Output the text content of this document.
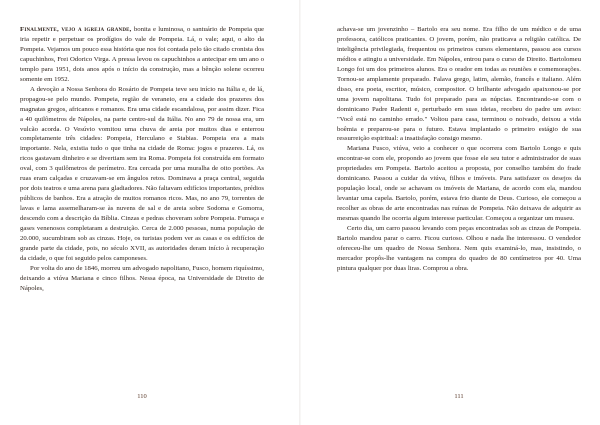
Finalmente, vejo a igreja grande, bonita e luminosa, o santuário de Pompeia que iria repetir e perpetuar os prodígios do vale de Pompeia. Lá, o vale; aqui, o alto da Pompeia. Vejamos um pouco essa história que nos foi contada pelo tão citado cronista dos capuchinhos, Frei Odorico Virga. A pressa levou os capuchinhos a antecipar em um ano o templo para 1951, dois anos após o início da construção, mas a bênção solene ocorreu somente em 1952.

A devoção a Nossa Senhora do Rosário de Pompeia teve seu início na Itália e, de lá, propagou-se pelo mundo. Pompeia, região de veraneio, era a cidade dos prazeres dos magnatas gregos, africanos e romanos. Era uma cidade escandalosa, por assim dizer. Fica a 40 quilômetros de Nápoles, na parte centro-sul da Itália. No ano 79 de nossa era, um vulcão acorda. O Vesúvio vomitou uma chuva de areia por muitos dias e enterrou completamente três cidades: Pompeia, Herculano e Stabias. Pompeia era a mais importante. Nela, existia tudo o que tinha na cidade de Roma: jogos e prazeres. Lá, os ricos gastavam dinheiro e se divertiam sem ira Roma. Pompeia foi construída em formato oval, com 3 quilômetros de perímetro. Era cercada por uma muralha de oito portões. As ruas eram calçadas e cruzavam-se em ângulos retos. Dominava a praça central, seguida por dois teatros e uma arena para gladiadores. Não faltavam edifícios importantes, prédios públicos de banhos. Era a atração de muitos romanos ricos. Mas, no ano 79, torrentes de lavas e lama assemelharam-se às nuvens de sal e de areia sobre Sodoma e Gomorra, descendo com a descrição da Bíblia. Cinzas e pedras choveram sobre Pompeia. Fumaça e gases venenosos completaram a destruição. Cerca de 2.000 pessoas, numa população de 20.000, sucumbiram sob as cinzas. Hoje, os turistas podem ver as casas e os edifícios de grande parte da cidade, pois, no século XVII, as autoridades deram início à recuperação da cidade, o que foi seguido pelos camponeses.

Por volta do ano de 1846, morreu um advogado napolitano, Fusco, homem riquíssimo, deixando a viúva Mariana e cinco filhos. Nessa época, na Universidade de Direito de Nápoles,

110

achava-se um jovenzinho – Bartolo era seu nome. Era filho de um médico e de uma professora, católicos praticantes. O jovem, porém, não praticava a religião católica. De inteligência privilegiada, frequentou os primeiros cursos elementares, passou aos cursos médios e atingiu a universidade. Em Nápoles, entrou para o curso de Direito. Bartolomeu Longo foi um dos primeiros alunos. Era o orador em todas as reuniões e comemorações. Tornou-se amplamente preparado. Falava grego, latim, alemão, francês e italiano. Além disso, era poeta, escritor, músico, compositor. O brilhante advogado apaixonou-se por uma jovem napolitana. Tudo foi preparado para as núpcias. Encontrando-se com o dominicano Padre Radenti e, perturbado em suas ideias, recebeu do padre um aviso: "Você está no caminho errado." Voltou para casa, terminou o noivado, deixou a vida boêmia e preparou-se para o futuro. Estava implantado o primeiro estágio de sua ressurreição espiritual: a insatisfação consigo mesmo.

Mariana Fusco, viúva, veio a conhecer o que ocorrera com Bartolo Longo e quis encontrar-se com ele, propondo ao jovem que fosse ele seu tutor e administrador de suas propriedades em Pompeia. Bartolo aceitou a proposta, por conselho também do frade dominicano. Passou a cuidar da viúva, filhos e imóveis. Para satisfazer os desejos da população local, onde se achavam os imóveis de Mariana, de acordo com ela, mandou levantar uma capela. Bartolo, porém, estava frio diante de Deus. Curioso, ele começou a recolher as obras de arte encontradas nas ruínas de Pompeia. Não deixava de adquirir as mesmas quando lhe ocorria algum interesse particular. Começou a organizar um museu.

Certo dia, um carro passou levando com peças encontradas sob as cinzas de Pompeia. Bartolo mandou parar o carro. Ficou curioso. Olhou e nada lhe interessou. O vendedor ofereceu-lhe um quadro de Nossa Senhora. Nem quis examiná-lo, mas, insistindo, o mercador propôs-lhe vantagem na compra do quadro de 80 centímetros por 40. Uma pintura qualquer por duas liras. Comprou a obra.

111
